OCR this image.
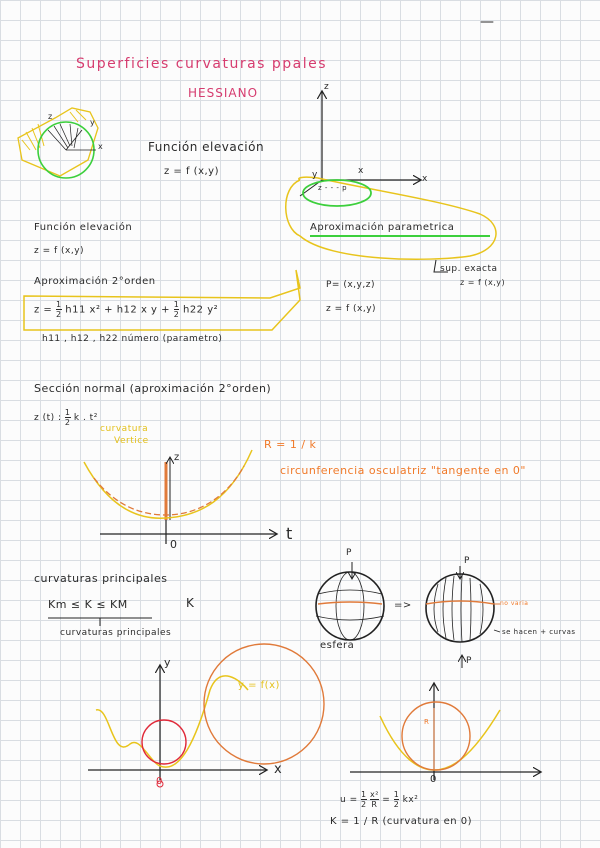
—
Superficies curvaturas ppales
HESSIANO
z
y
x	Función elevación
z = f (x,y)
z
y	x
x
z - - - p
Aproximación parametrica
sup. exacta
z = f (x,y)
Función elevación
z = f (x,y)
Aproximación 2°orden
$z = \frac{1}{2} h11$ x² + h12 x $y + \frac{1}{2} h22$ y²
h11 , h12 , h22 número (parametro)
P= (x,y,z)
z = f (x,y)
Sección normal (aproximación 2°orden)
z (t) : $\frac{1}{2}$ k . t²
curvatura
Vertice	R = 1 / k
circunferencia osculatriz "tangente en 0"
z
t
0
curvaturas principales
Km ≤ K ≤ KM	K
curvaturas principales
P
esfera
=>
P
P
no varia
se hacen + curvas
y
x
y = f(x)
0
R
0
$u = \frac{1}{2}$
$\frac{\text{x²}}{R} = \frac{1}{2} kx^2$
K = 1 / R (curvatura en 0)
